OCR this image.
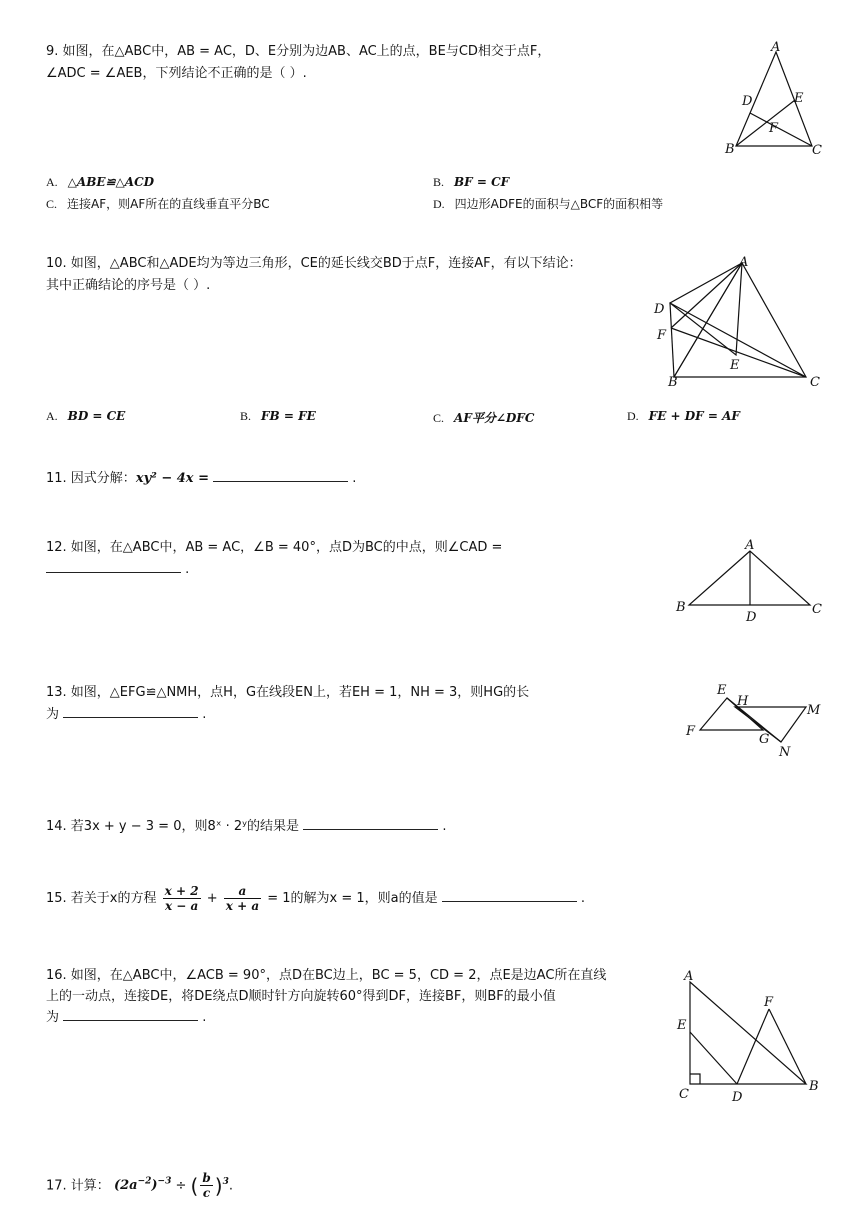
9. 如图，在△ABC中，AB = AC，D、E分别为边AB、AC上的点，BE与CD相交于点F，
∠ADC = ∠AEB，下列结论不正确的是（ ）.
A
B	C
D	E
F
A. △ABE≌△ACD	B. BF = CF
C. 连接AF，则AF所在的直线垂直平分BC	D. 四边形ADFE的面积与△BCF的面积相等
10. 如图，△ABC和△ADE均为等边三角形，CE的延长线交BD于点F，连接AF，有以下结论：
其中正确结论的序号是（ ）.
A
B	C
D
E
F
A. BD = CE	B. FB = FE	C. AF平分∠DFC	D. FE + DF = AF
11. 因式分解：xy² − 4x =	.
12. 如图，在△ABC中，AB = AC，∠B = 40°，点D为BC的中点，则∠CAD =
.
A
B	C
D
13. 如图，△EFG≌△NMH，点H，G在线段EN上，若EH = 1，NH = 3，则HG的长
为	.
E
H
F
G
M
N
14. 若3x + y − 3 = 0，则8ˣ · 2ʸ的结果是	.
15. 若关于x的方程 $\frac{x + 2}{x - a} + \frac{a}{x + a} = 1$的解为x = 1，则a的值是	.
16. 如图，在△ABC中，∠ACB = 90°，点D在BC边上，BC = 5，CD = 2，点E是边AC所在直线
上的一动点，连接DE，将DE绕点D顺时针方向旋转60°得到DF，连接BF，则BF的最小值
为	.
A
B
C	D
E
F
17. 计算： $(2a^{-2})^{-3}$ ÷ ( $\frac{b}{c} )^3$.
